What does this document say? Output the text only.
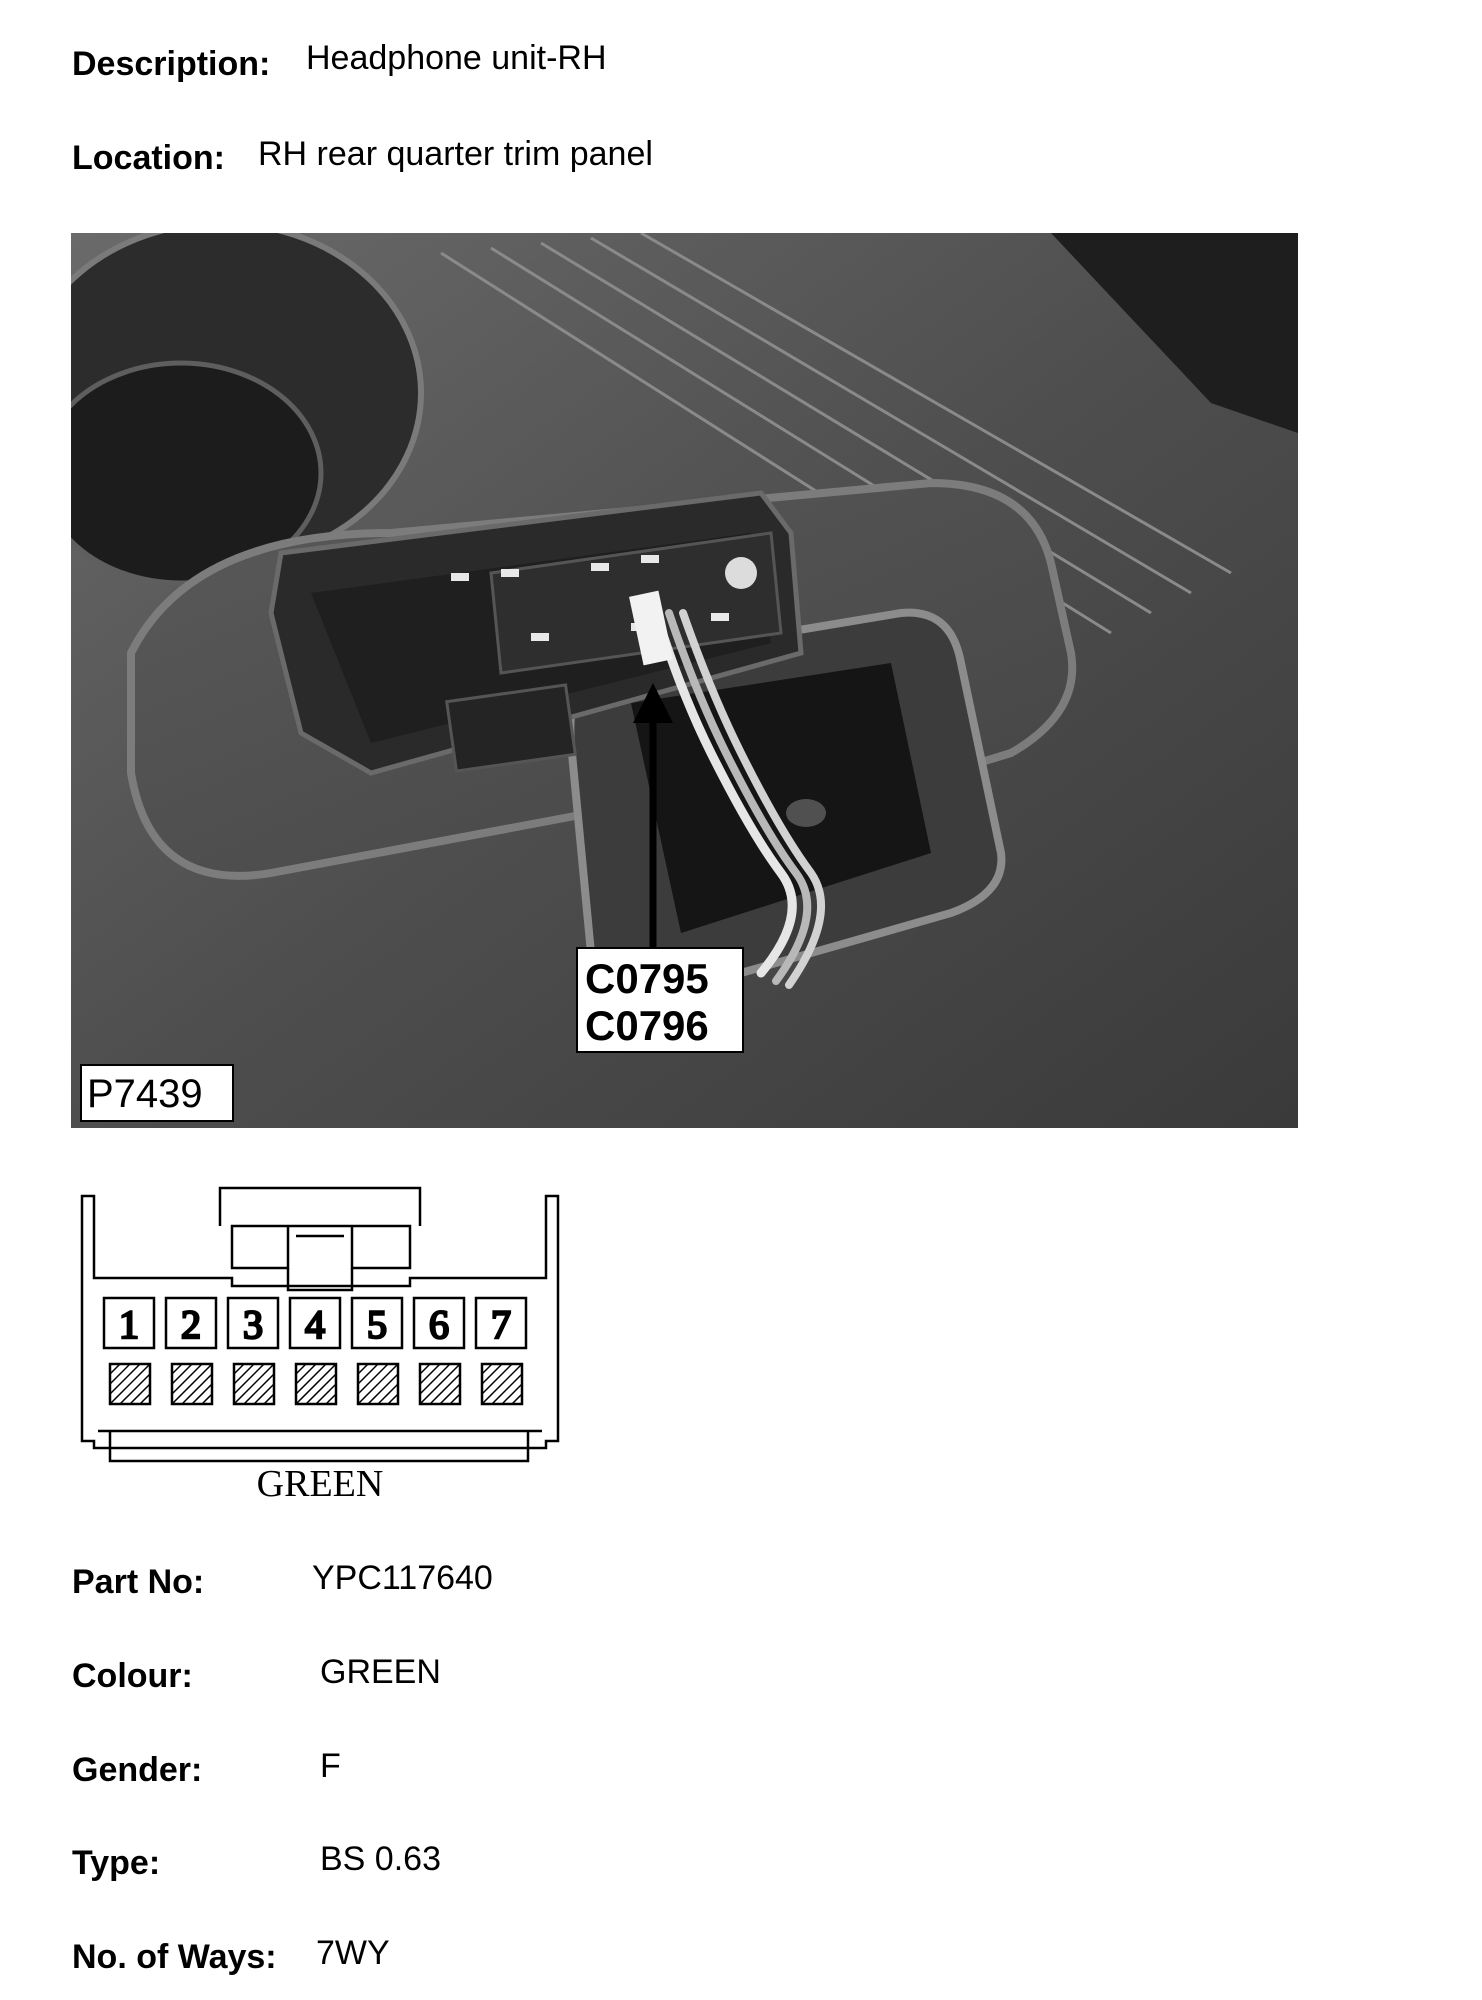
Description: Headphone unit-RH
Location: RH rear quarter trim panel
C0795
C0796
P7439
1 2 3 4 5 6 7
GREEN
Part No:	YPC117640
Colour:	GREEN
Gender:	F
Type:	BS 0.63
No. of Ways: 7WY
